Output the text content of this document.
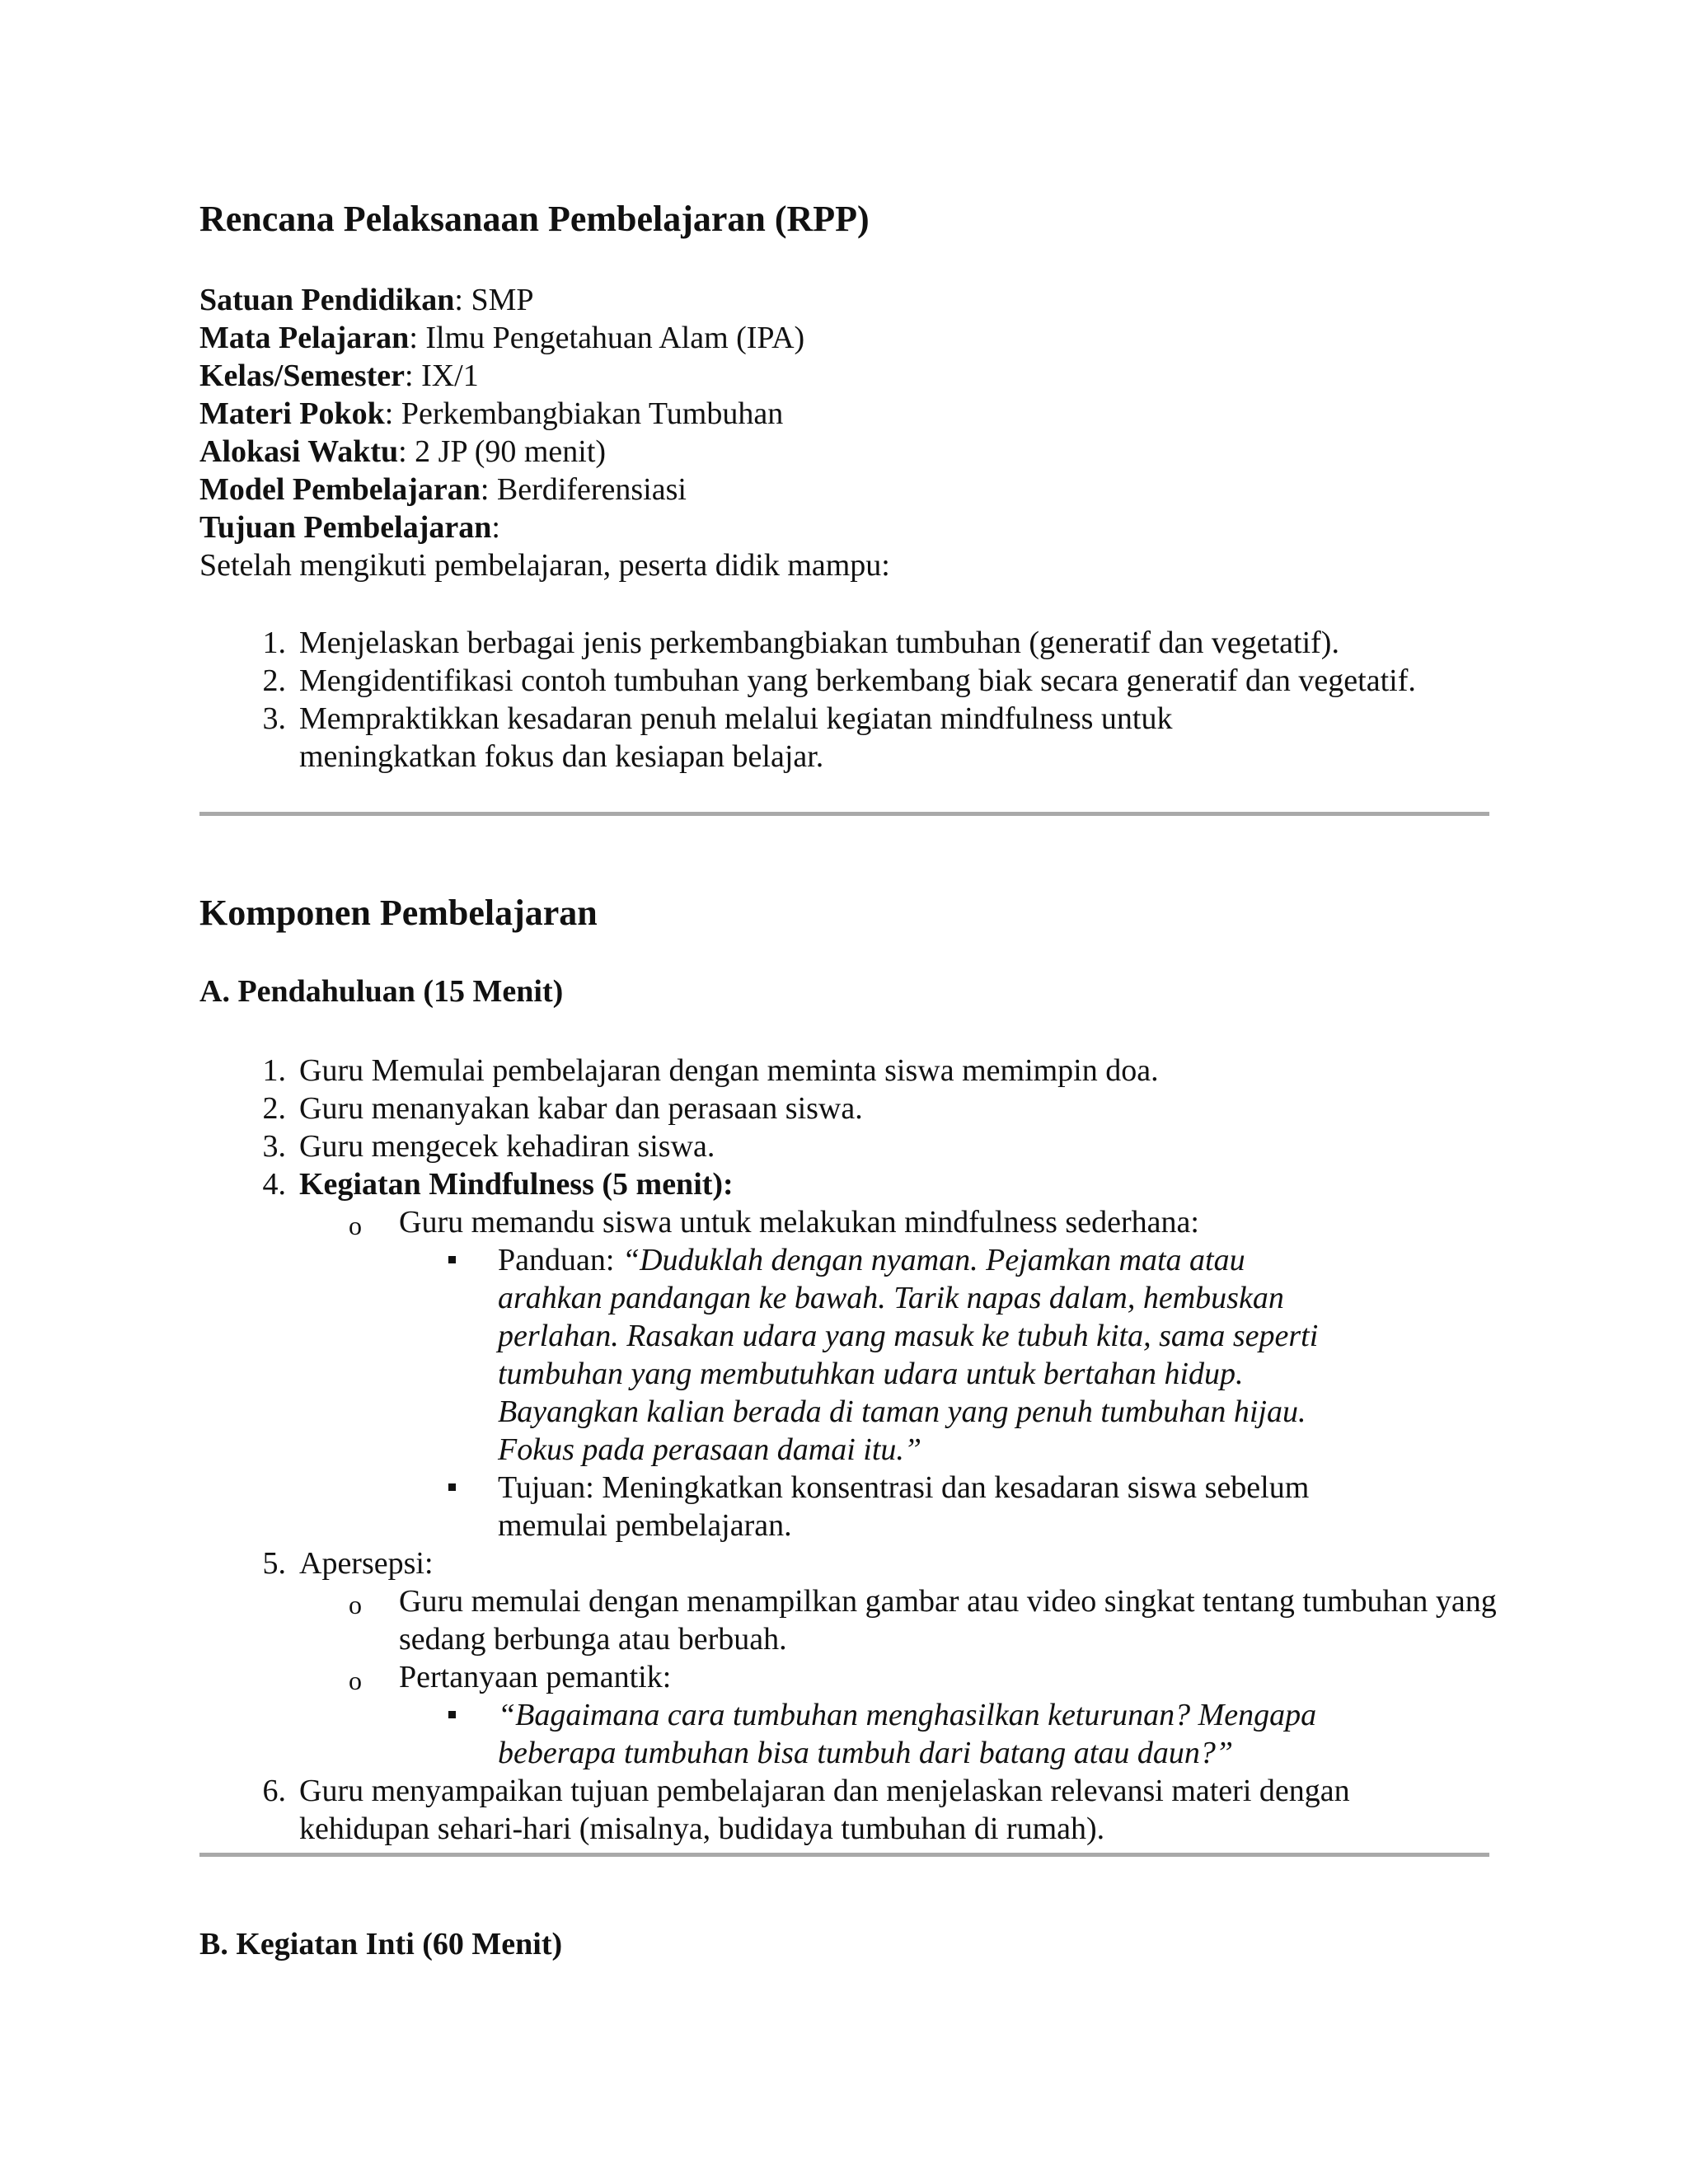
Rencana Pelaksanaan Pembelajaran (RPP)
Satuan Pendidikan: SMP
Mata Pelajaran: Ilmu Pengetahuan Alam (IPA)
Kelas/Semester: IX/1
Materi Pokok: Perkembangbiakan Tumbuhan
Alokasi Waktu: 2 JP (90 menit)
Model Pembelajaran: Berdiferensiasi
Tujuan Pembelajaran:

Setelah mengikuti pembelajaran, peserta didik mampu:

1. Menjelaskan berbagai jenis perkembangbiakan tumbuhan (generatif dan vegetatif).
2. Mengidentifikasi contoh tumbuhan yang berkembang biak secara generatif dan vegetatif.
3. Mempraktikkan kesadaran penuh melalui kegiatan mindfulness untuk meningkatkan fokus dan kesiapan belajar.
Komponen Pembelajaran
A. Pendahuluan (15 Menit)
1. Guru Memulai pembelajaran dengan meminta siswa memimpin doa.
2. Guru menanyakan kabar dan perasaan siswa.
3. Guru mengecek kehadiran siswa.
4. Kegiatan Mindfulness (5 menit):
o Guru memandu siswa untuk melakukan mindfulness sederhana:
Panduan: “Duduklah dengan nyaman. Pejamkan mata atau arahkan pandangan ke bawah. Tarik napas dalam, hembuskan perlahan. Rasakan udara yang masuk ke tubuh kita, sama seperti tumbuhan yang membutuhkan udara untuk bertahan hidup. Bayangkan kalian berada di taman yang penuh tumbuhan hijau. Fokus pada perasaan damai itu.”
Tujuan: Meningkatkan konsentrasi dan kesadaran siswa sebelum memulai pembelajaran.
5. Apersepsi:
o Guru memulai dengan menampilkan gambar atau video singkat tentang tumbuhan yang sedang berbunga atau berbuah.
o Pertanyaan pemantik:
“Bagaimana cara tumbuhan menghasilkan keturunan? Mengapa beberapa tumbuhan bisa tumbuh dari batang atau daun?”
6. Guru menyampaikan tujuan pembelajaran dan menjelaskan relevansi materi dengan kehidupan sehari-hari (misalnya, budidaya tumbuhan di rumah).
B. Kegiatan Inti (60 Menit)
